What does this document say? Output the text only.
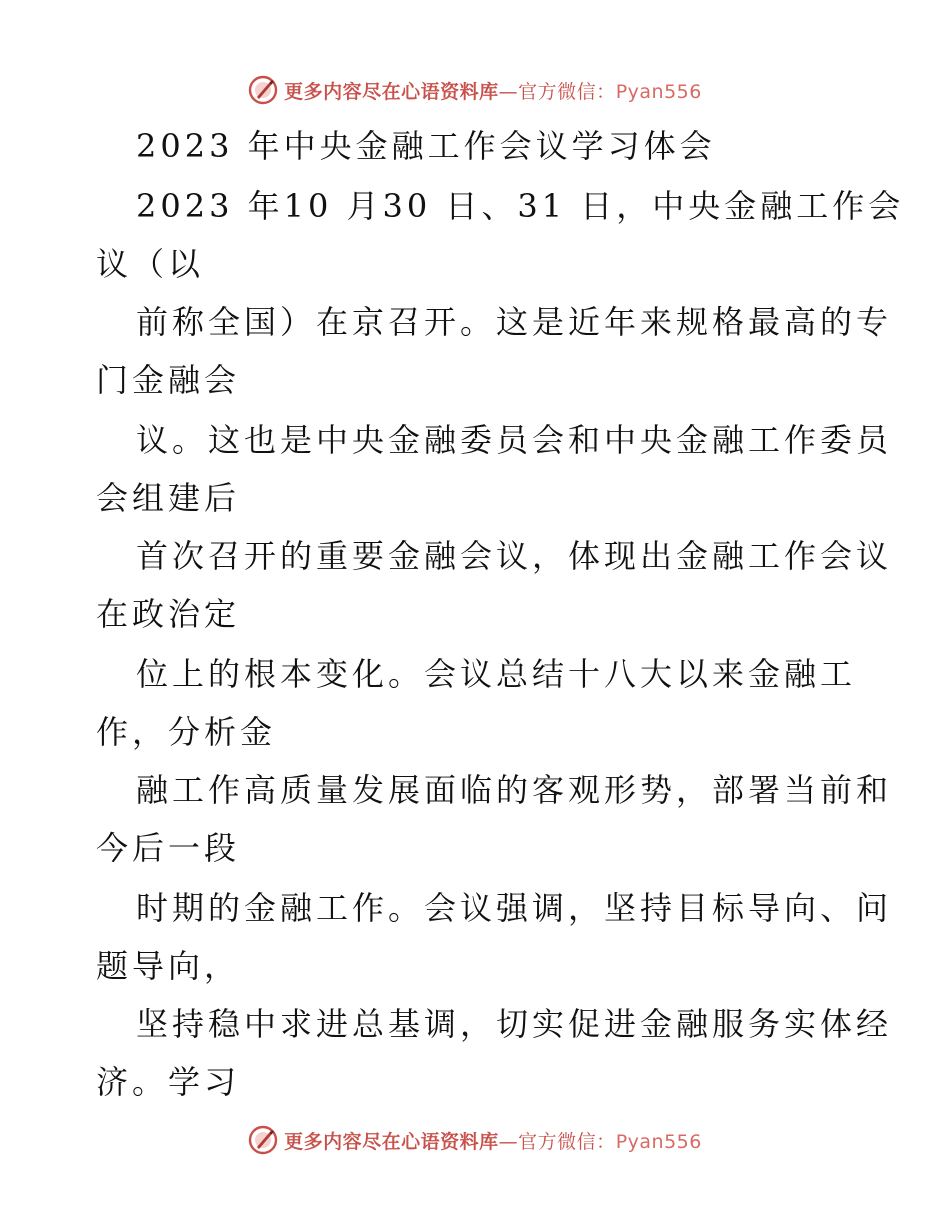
更多内容尽在心语资料库—官方微信：Pyan556
2023 年中央金融工作会议学习体会
2023 年10 月30 日、31 日，中央金融工作会
议（以
前称全国）在京召开。这是近年来规格最高的专
门金融会
议。这也是中央金融委员会和中央金融工作委员
会组建后
首次召开的重要金融会议，体现出金融工作会议
在政治定
位上的根本变化。会议总结十八大以来金融工
作，分析金
融工作高质量发展面临的客观形势，部署当前和
今后一段
时期的金融工作。会议强调，坚持目标导向、问
题导向，
坚持稳中求进总基调，切实促进金融服务实体经
济。学习
更多内容尽在心语资料库—官方微信：Pyan556
